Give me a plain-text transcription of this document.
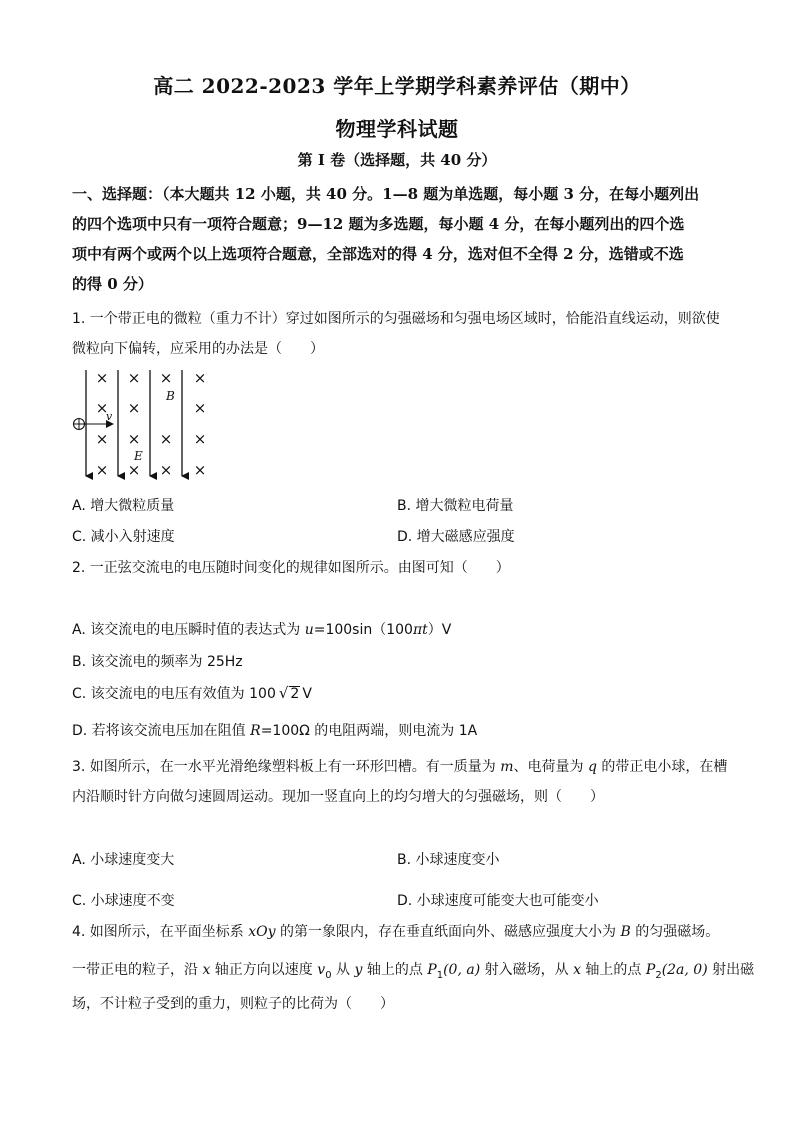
高二 2022-2023 学年上学期学科素养评估（期中）
物理学科试题
第 I 卷（选择题，共 40 分）
一、选择题：（本大题共 12 小题，共 40 分。1—8 题为单选题，每小题 3 分，在每小题列出
的四个选项中只有一项符合题意；9—12 题为多选题，每小题 4 分，在每小题列出的四个选
项中有两个或两个以上选项符合题意，全部选对的得 4 分，选对但不全得 2 分，选错或不选
的得 0 分）
1. 一个带正电的微粒（重力不计）穿过如图所示的匀强磁场和匀强电场区域时，恰能沿直线运动，则欲使
微粒向下偏转，应采用的办法是（　　）
× × × ×
× ×	×
× × × ×
× × × ×
v
B
E
A. 增大微粒质量	B. 增大微粒电荷量
C. 减小入射速度	D. 增大磁感应强度
2. 一正弦交流电的电压随时间变化的规律如图所示。由图可知（　　）
A. 该交流电的电压瞬时值的表达式为 u=100sin（100πt）V
B. 该交流电的频率为 25Hz
C. 该交流电的电压有效值为 100 √ 2 V
D. 若将该交流电压加在阻值 R=100Ω 的电阻两端，则电流为 1A
3. 如图所示，在一水平光滑绝缘塑料板上有一环形凹槽。有一质量为 m、电荷量为 q 的带正电小球，在槽
内沿顺时针方向做匀速圆周运动。现加一竖直向上的均匀增大的匀强磁场，则（　　）
A. 小球速度变大	B. 小球速度变小
C. 小球速度不变	D. 小球速度可能变大也可能变小
4. 如图所示，在平面坐标系 xOy 的第一象限内，存在垂直纸面向外、磁感应强度大小为 B 的匀强磁场。
一带正电的粒子，沿 x 轴正方向以速度 $v_0$ 从 y 轴上的点 $P_1(0$, a) 射入磁场，从 x 轴上的点 $P_2(2a$, 0) 射出磁
场，不计粒子受到的重力，则粒子的比荷为（　　）
